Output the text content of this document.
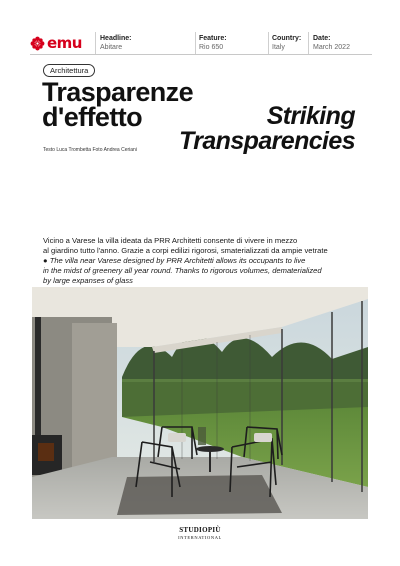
emu	Headline:
Abitare
Feature:
Rio 650
Country:
Italy
Date:
March 2022
Architettura
Trasparenze
d'effetto	Striking
Transparencies
Testo Luca Trombetta Foto Andrea Ceriani
Vicino a Varese la villa ideata da PRR Architetti consente di vivere in mezzo
al giardino tutto l'anno. Grazie a corpi edilizi rigorosi, smaterializzati da ampie vetrate
● The villa near Varese designed by PRR Architetti allows its occupants to live
in the midst of greenery all year round. Thanks to rigorous volumes, dematerialized
by large expanses of glass
STUDIOPIÙ
INTERNATIONAL
